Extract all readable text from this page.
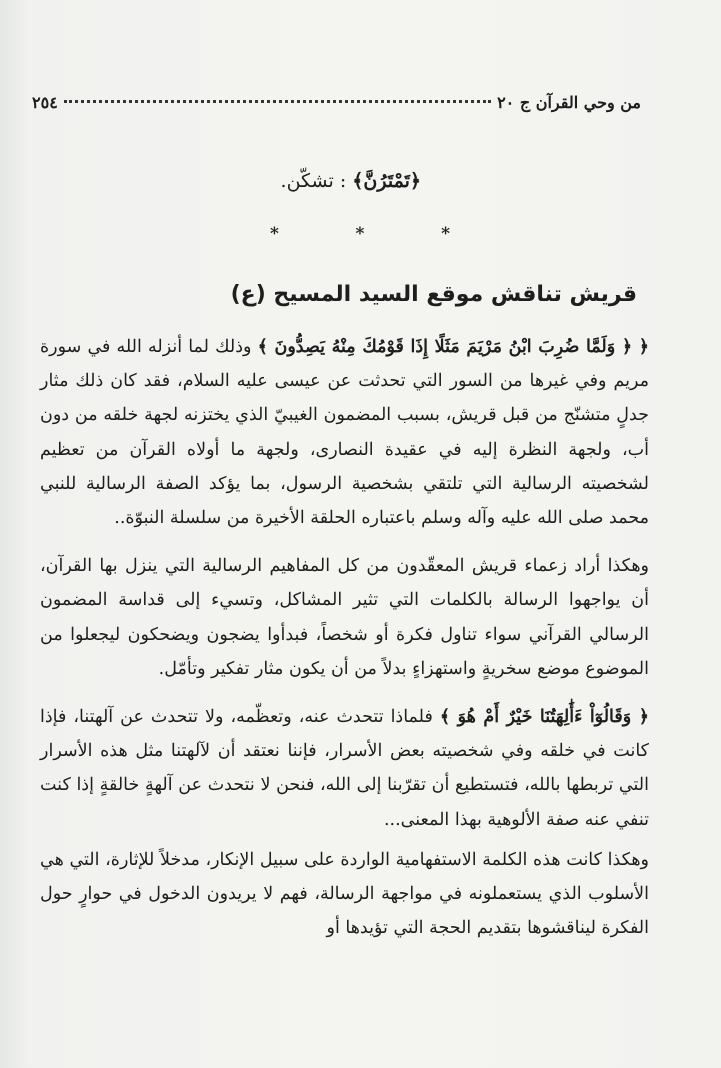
من وحي القرآن ج ٢٠
٢٥٤
﴿تَمْتَرُنَّ﴾ : تشكّن.
*	*	*
قريش تناقش موقع السيد المسيح (ع)

﴿ ﴿ وَلَمَّا ضُرِبَ ابْنُ مَرْيَمَ مَثَلًا إِذَا قَوْمُكَ مِنْهُ يَصِدُّونَ ﴾ وذلك لما أنزله الله في سورة مريم وفي غيرها من السور التي تحدثت عن عيسى عليه السلام، فقد كان ذلك مثار جدلٍ متشنّج من قبل قريش، بسبب المضمون الغيبيّ الذي يختزنه لجهة خلقه من دون أب، ولجهة النظرة إليه في عقيدة النصارى، ولجهة ما أولاه القرآن من تعظيم لشخصيته الرسالية التي تلتقي بشخصية الرسول، بما يؤكد الصفة الرسالية للنبي محمد صلى الله عليه وآله وسلم باعتباره الحلقة الأخيرة من سلسلة النبوّة..

وهكذا أراد زعماء قريش المعقّدون من كل المفاهيم الرسالية التي ينزل بها القرآن، أن يواجهوا الرسالة بالكلمات التي تثير المشاكل، وتسيء إلى قداسة المضمون الرسالي القرآني سواء تناول فكرة أو شخصاً، فبدأوا يضجون ويضحكون ليجعلوا من الموضوع موضع سخريةٍ واستهزاءٍ بدلاً من أن يكون مثار تفكير وتأمّل.

﴿ وَقَالُوٓاْ ءَأَٰلِهَتُنَا خَيْرٌ أَمْ هُوَ ﴾ فلماذا تتحدث عنه، وتعظّمه، ولا تتحدث عن آلهتنا، فإذا كانت في خلقه وفي شخصيته بعض الأسرار، فإننا نعتقد أن لآلهتنا مثل هذه الأسرار التي تربطها بالله، فتستطيع أن تقرّبنا إلى الله، فنحن لا نتحدث عن آلهةٍ خالقةٍ إذا كنت تنفي عنه صفة الألوهية بهذا المعنى...

وهكذا كانت هذه الكلمة الاستفهامية الواردة على سبيل الإنكار، مدخلاً للإثارة، التي هي الأسلوب الذي يستعملونه في مواجهة الرسالة، فهم لا يريدون الدخول في حوارٍ حول الفكرة ليناقشوها بتقديم الحجة التي تؤيدها أو
